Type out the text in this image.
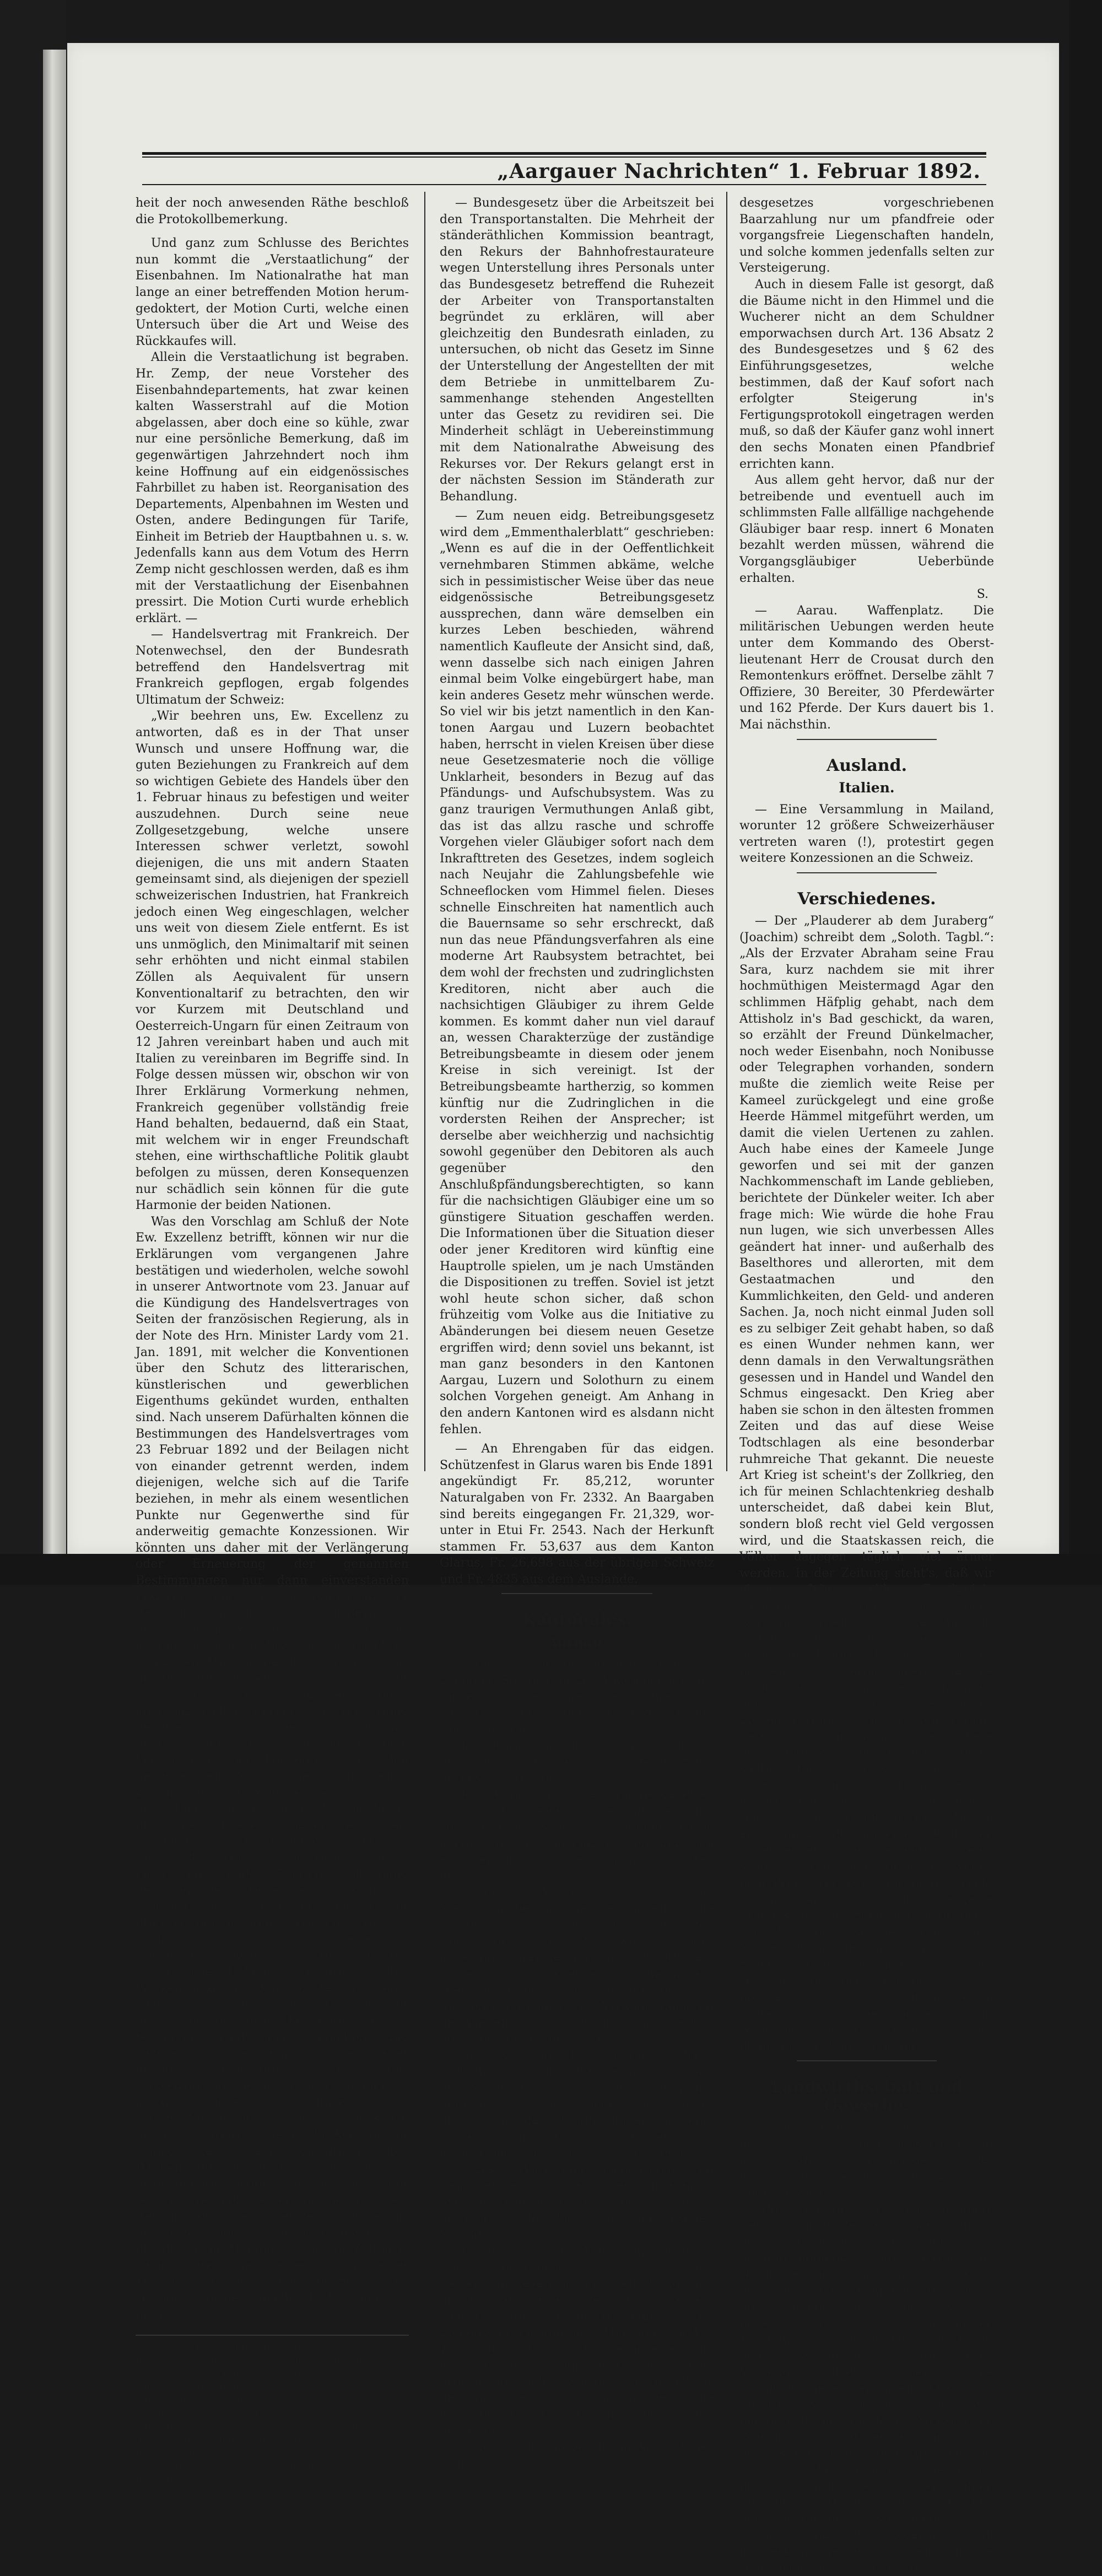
„Aargauer Nachrichten“ 1. Februar 1892.

heit der noch anwesenden Räthe beschloß die Protokollbemerkung.

Und ganz zum Schlusse des Berichtes nun kommt die „Verstaatlichung“ der Eisenbahnen. Im Nationalrathe hat man lange an einer betreffenden Motion herumgedoktert, der Motion Curti, welche einen Untersuch über die Art und Weise des Rückkaufes will.

Allein die Verstaatlichung ist begraben. Hr. Zemp, der neue Vorsteher des Eisenbahndepartements, hat zwar keinen kalten Wasserstrahl auf die Motion abgelassen, aber doch eine so kühle, zwar nur eine persönliche Bemerkung, daß im gegenwärtigen Jahrzehndert noch ihm keine Hoffnung auf ein eidgenössisches Fahrbillet zu haben ist. Reorganisation des Departements, Alpenbahnen im Westen und Osten, andere Bedingungen für Tarife, Einheit im Betrieb der Hauptbahnen u. s. w. Jedenfalls kann aus dem Votum des Herrn Zemp nicht geschlossen werden, daß es ihm mit der Verstaatlichung der Eisenbahnen pressirt. Die Motion Curti wurde erheblich erklärt. —

— Handelsvertrag mit Frankreich. Der Notenwechsel, den der Bundesrath betreffend den Handelsvertrag mit Frankreich gepflogen, ergab folgendes Ultimatum der Schweiz:

„Wir beehren uns, Ew. Excellenz zu antworten, daß es in der That unser Wunsch und unsere Hoffnung war, die guten Beziehungen zu Frankreich auf dem so wichtigen Gebiete des Handels über den 1. Februar hinaus zu befestigen und weiter auszudehnen. Durch seine neue Zollgesetzgebung, welche unsere Interessen schwer verletzt, sowohl diejenigen, die uns mit andern Staaten gemeinsamt sind, als diejenigen der speziell schweizerischen Industrien, hat Frankreich jedoch einen Weg eingeschlagen, welcher uns weit von diesem Ziele entfernt. Es ist uns unmöglich, den Minimaltarif mit seinen sehr erhöhten und nicht einmal stabilen Zöllen als Aequivalent für unsern Konventionaltarif zu betrachten, den wir vor Kurzem mit Deutschland und Oesterreich-Ungarn für einen Zeitraum von 12 Jahren vereinbart haben und auch mit Italien zu vereinbaren im Begriffe sind. In Folge dessen müssen wir, obschon wir von Ihrer Erklärung Vormerkung nehmen, Frankreich gegenüber vollständig freie Hand behalten, bedauernd, daß ein Staat, mit welchem wir in enger Freundschaft stehen, eine wirthschaftliche Politik glaubt befolgen zu müssen, deren Konsequenzen nur schädlich sein können für die gute Harmonie der beiden Nationen.

Was den Vorschlag am Schluß der Note Ew. Exzellenz betrifft, können wir nur die Erklärungen vom vergangenen Jahre bestätigen und wiederholen, welche sowohl in unserer Antwortnote vom 23. Januar auf die Kündigung des Handelsvertrages von Seiten der französischen Regierung, als in der Note des Hrn. Minister Lardy vom 21. Jan. 1891, mit welcher die Konventionen über den Schutz des litterarischen, künstlerischen und gewerblichen Eigenthums gekündet wurden, enthalten sind. Nach unserem Dafürhalten können die Bestimmungen des Handelsvertrages vom 23 Februar 1892 und der Beilagen nicht von einander getrennt werden, indem diejenigen, welche sich auf die Tarife beziehen, in mehr als einem wesentlichen Punkte nur Gegenwerthe sind für anderweitig gemachte Konzessionen. Wir könnten uns daher mit der Verlängerung oder Erneuerung der genannten Bestimmungen nur dann einverstanden erklären, wenn uns die Regierung der Republik dafür billigen Ersatz in Bezug auf den Zolltarif zusichert. Es wäre uns angenehm, ihre diesbezüglichen Absichten zu kennen. Was uns betrifft, so wird sie uns immer bereit finden, mit ihr auf dieser Grundlage in Unterhandlungen einzutreten, aber inzwischen werden wir freie Hand behalten, um auch in dieser Hinsicht nach unserem Gutdünken zu handeln. Was eine Verlängerung der Konvention über den gegenseitigen Schutz der industriellen Zeichnungen und Modelle und der Fabrik- und Handelsmarken anbetrifft, so bietet diese kein Interesse neben der internationalen Pariser Konvention vom 20. März 1883, welche diese Verhältnisse in einer für beide Staaten vollständig befriedigenden Weise regelt. Nicht so verhält es sich in Betreff des Schutzes der litterarischen und künstlerischen Werke.

Die französisch schweizerische Konvention gewährt in Art. 20 den französischen Urhebern von dramatischen Werken und den Komponisten Vortheile, welche sich nach dem Wortlaut der internationalen Berner Konvention vom 9. September 1886 nicht genießen, und welche viel weiter gehen, als die unserer eigenen Urhebern durch das schweizerische Gesetz, welches jünger ist als diese Konvention, garantirten Rechte. Dieses Privilegium an und für sich, sowie die Art und Weise, in denen die Agenten der französischen Urheber von dramatischen Werken und Komponisten es zur Wahrung ihrer Rechte ausgeübt haben, hat in der Schweiz die lebhaftesten und gerechtesten Reklamationen hervorgerufen. Es wäre uns daher nicht möglich, abgesehen davon, daß die öffentliche Meinung des neuen Zolltarifs wegen bereits sehr erregt ist, zu einer Verlängerung der betreffenden Spezialkonvention unter den gleichen Bedingungen zu bieten.“

soll ich auch Niemanden finden, der mir glaubt, und wenn ich meine Mutter, die Ihr mir durch Eure raffinirte Grausamkeit ermordet habt, mit einem solchen lügenhaften Geständniß in's Leben zurückzurufen vermöchte — mein Rechtsgefühl bäumt sich auf gegen Eure despotische Willkür, ich kann nicht anders, ich schreie es bis zum letzten Athemzuge hinaus, mein böser Leumund ist ungerechtfertigt, alle Eure herrlich aufgeschichteten Beweise sind falsch — und ich bin unschuldig!“

— Bundesgesetz über die Arbeitszeit bei den Transportanstalten. Die Mehrheit der ständeräthlichen Kommission beantragt, den Rekurs der Bahnhofrestaurateure wegen Unterstellung ihres Personals unter das Bundesgesetz betreffend die Ruhezeit der Arbeiter von Transportanstalten begründet zu erklären, will aber gleichzeitig den Bundesrath einladen, zu untersuchen, ob nicht das Gesetz im Sinne der Unterstellung der Angestellten der mit dem Betriebe in unmittelbarem Zusammenhange stehenden Angestellten unter das Gesetz zu revidiren sei. Die Minderheit schlägt in Uebereinstimmung mit dem Nationalrathe Abweisung des Rekurses vor. Der Rekurs gelangt erst in der nächsten Session im Ständerath zur Behandlung.

— Zum neuen eidg. Betreibungsgesetz wird dem „Emmenthalerblatt“ geschrieben: „Wenn es auf die in der Oeffentlichkeit vernehmbaren Stimmen abkäme, welche sich in pessimistischer Weise über das neue eidgenössische Betreibungsgesetz aussprechen, dann wäre demselben ein kurzes Leben beschieden, während namentlich Kaufleute der Ansicht sind, daß, wenn dasselbe sich nach einigen Jahren einmal beim Volke eingebürgert habe, man kein anderes Gesetz mehr wünschen werde. So viel wir bis jetzt namentlich in den Kantonen Aargau und Luzern beobachtet haben, herrscht in vielen Kreisen über diese neue Gesetzesmaterie noch die völlige Unklarheit, besonders in Bezug auf das Pfändungs- und Aufschubsystem. Was zu ganz traurigen Vermuthungen Anlaß gibt, das ist das allzu rasche und schroffe Vorgehen vieler Gläubiger sofort nach dem Inkrafttreten des Gesetzes, indem sogleich nach Neujahr die Zahlungsbefehle wie Schneeflocken vom Himmel fielen. Dieses schnelle Einschreiten hat namentlich auch die Bauernsame so sehr erschreckt, daß nun das neue Pfändungsverfahren als eine moderne Art Raubsystem betrachtet, bei dem wohl der frechsten und zudringlichsten Kreditoren, nicht aber auch die nachsichtigen Gläubiger zu ihrem Gelde kommen. Es kommt daher nun viel darauf an, wessen Charakterzüge der zuständige Betreibungsbeamte in diesem oder jenem Kreise in sich vereinigt. Ist der Betreibungsbeamte hartherzig, so kommen künftig nur die Zudringlichen in die vordersten Reihen der Ansprecher; ist derselbe aber weichherzig und nachsichtig sowohl gegenüber den Debitoren als auch gegenüber den Anschlußpfändungsberechtigten, so kann für die nachsichtigen Gläubiger eine um so günstigere Situation geschaffen werden. Die Informationen über die Situation dieser oder jener Kreditoren wird künftig eine Hauptrolle spielen, um je nach Umständen die Dispositionen zu treffen. Soviel ist jetzt wohl heute schon sicher, daß schon frühzeitig vom Volke aus die Initiative zu Abänderungen bei diesem neuen Gesetze ergriffen wird; denn soviel uns bekannt, ist man ganz besonders in den Kantonen Aargau, Luzern und Solothurn zu einem solchen Vorgehen geneigt. Am Anhang in den andern Kantonen wird es alsdann nicht fehlen.

— An Ehrengaben für das eidgen. Schützenfest in Glarus waren bis Ende 1891 angekündigt Fr. 85,212, worunter Naturalgaben von Fr. 2332. An Baargaben sind bereits eingegangen Fr. 21,329, worunter in Etui Fr. 2543. Nach der Herkunft stammen Fr. 53,637 aus dem Kanton Glarus, Fr. 26,698 aus der übrigen Schweiz und Fr. 4835 aus dem Auslande.

Kantonales.
Aargau.

— Auch zum Betreibungsgesetz. (Einges.) Erlauben Sie auch in der Angelegenheit der Liegenschaftsversteigerungen unter der Herrschaft des neuen Gesetzes einige Bemerkungen.

Die Bestimmungen sind gar nicht so gefährlich, wie sie von anderer Seite dargestellt werden.

Der Artikel 134 des Bundesgesetzes lautet: „Die Steigerungsbedingungen sind vom Betreibungsamt in ortsüblicher Weise aufzustellen und so einzurichten, daß sich ein möglichst günstiges Ergebniß erwarten läßt.“

Ferner Artikel 35: „Die Steigerungsbedingungen bestimmen, ob die Liegenschaft frei und ledig von allen Belastungen verkauft werde, oder anderfalls, welche Lasten, (Hypotheken, Gülten, Grundrenten, Reallasten, Dienstbarkeiten u. dgl.) gemäß dem kantonalen Rechte nach dem Verkaufe noch auf der Liegenschaft ruhen und vom Erwerber übernommen werden sollen.“

Hier ist also das kantonale Recht vorbehalten und dasselbe bestimmt in § 582 des Sachenrechts: „Geht ein Grundpfand ungetheilt auf einen neuen Eigenthümer über, so ist der Pfandgläubiger für seine Forderung mit Zins und Kosten ganz anzuweisen“ 2c., und in § 593 desselben Gesetzes: „Wird eine Liegenschaft auf Begehren des Gläubigers öffentlich verkauft oder im Geldstage veräußert, so haftet dieselbe nur für die darauf angewiesenen Schulden.“

Daß auch bei der Abfassung des aarg. Einführungsgesetzes zum Betreibungsgesetz an die Ueberbunde gedacht wurde, beweist der § 61 desselben, welcher lautet: „Bei der Versteigerung von Liegenschaften sind nach Maßgabe von Art. 135 und 156 des Bundesgesetzes die aufhaftenden Grundpfandschulden nebst drei aufstehenden Zinsen und Bruchzins dem Erwerber zu überbinden, ebenso die auf dem Grundstück haftenden Dienstbarkeiten.“

Es kann sich also bei der in Art. 136 des Bun-

desgesetzes vorgeschriebenen Baarzahlung nur um pfandfreie oder vorgangsfreie Liegenschaften handeln, und solche kommen jedenfalls selten zur Versteigerung.

Auch in diesem Falle ist gesorgt, daß die Bäume nicht in den Himmel und die Wucherer nicht an dem Schuldner emporwachsen durch Art. 136 Absatz 2 des Bundesgesetzes und § 62 des Einführungsgesetzes, welche bestimmen, daß der Kauf sofort nach erfolgter Steigerung in's Fertigungsprotokoll eingetragen werden muß, so daß der Käufer ganz wohl innert den sechs Monaten einen Pfandbrief errichten kann.

Aus allem geht hervor, daß nur der betreibende und eventuell auch im schlimmsten Falle allfällige nachgehende Gläubiger baar resp. innert 6 Monaten bezahlt werden müssen, während die Vorgangsgläubiger Ueberbünde erhalten.

S.

— Aarau. Waffenplatz. Die militärischen Uebungen werden heute unter dem Kommando des Oberstlieutenant Herr de Crousat durch den Remontenkurs eröffnet. Derselbe zählt 7 Offiziere, 30 Bereiter, 30 Pferdewärter und 162 Pferde. Der Kurs dauert bis 1. Mai nächsthin.

Ausland.
Italien.

— Eine Versammlung in Mailand, worunter 12 größere Schweizerhäuser vertreten waren (!), protestirt gegen weitere Konzessionen an die Schweiz.

Verschiedenes.

— Der „Plauderer ab dem Juraberg“ (Joachim) schreibt dem „Soloth. Tagbl.“: „Als der Erzvater Abraham seine Frau Sara, kurz nachdem sie mit ihrer hochmüthigen Meistermagd Agar den schlimmen Häfplig gehabt, nach dem Attisholz in's Bad geschickt, da waren, so erzählt der Freund Dünkelmacher, noch weder Eisenbahn, noch Nonibusse oder Telegraphen vorhanden, sondern mußte die ziemlich weite Reise per Kameel zurückgelegt und eine große Heerde Hämmel mitgeführt werden, um damit die vielen Uertenen zu zahlen. Auch habe eines der Kameele Junge geworfen und sei mit der ganzen Nachkommenschaft im Lande geblieben, berichtete der Dünkeler weiter. Ich aber frage mich: Wie würde die hohe Frau nun lugen, wie sich unverbessen Alles geändert hat inner- und außerhalb des Baselthores und allerorten, mit dem Gestaatmachen und den Kummlichkeiten, den Geld- und anderen Sachen. Ja, noch nicht einmal Juden soll es zu selbiger Zeit gehabt haben, so daß es einen Wunder nehmen kann, wer denn damals in den Verwaltungsräthen gesessen und in Handel und Wandel den Schmus eingesackt. Den Krieg aber haben sie schon in den ältesten frommen Zeiten und das auf diese Weise Todtschlagen als eine besonderbar ruhmreiche That gekannt. Die neueste Art Krieg ist scheint's der Zollkrieg, den ich für meinen Schlachtenkrieg deshalb unterscheidet, daß dabei kein Blut, sondern bloß recht viel Geld vergossen wird, und die Staatskassen reich, die Völker dagegen täglich viel ärmer werden. In der Zeitung steht's, daß wir einen solchen wider Frankreich, vielleicht auch gegen unsern lieben Nachbar jonseits in nahe Aussicht haben. So daß wir am End' noch auf die unzähligen Truppen Talianer verzichten müssen, wo allerhaustagen wie die Heugumper in's Land gereist kommen und mit ihrer gestüpfigen Liebenswürdigkeit uns so viele Freude bereiten — wie Schade, wenn diese durch den Zollkrieg dahinten bleiben sollten. Auch meine Käthri hat letzter Tage einen Handelsvertrag abgeschlossen und zwar mit Oesterreich-Ungarn, betreffend den Ankauf einer Rattenfalle und eines blechernen Hafendeckels; wobei die beiden Parteien schier hintereinander geriethen wegen dem Preis, weil keine die andere recht verstand. Aber warum haben sie keine Dolmetscher und Sekretäre beigezogen, wie das sonst so der Brauch ist? Schließlich hat der NatziFatzi noch ein Stück Käswähen bekommen und ist sehr vergnügt von dannen gezogen. Gut Frau, meinte er, als er mir vor dem Haus Adieß sagte. Was ich dabei dachte, braucht Niemand zu wissen, weßhalb ich verbleibe mit Gruß und Achtung.

Landwirthschaft und Gewerbe.

— Der weitere Vorstand der aarg. landwirthschaftlichen Gesellschaft erläßt an die Vorstände der landwirthschaftlichen Bezirksvereine folgende Zuschrift:

„Die Berichte ab den Nonnen-Devastationsplätzen von Süddeutschland und Oesterreich bestätigen alle übereinstimmend, daß, wenn die Nonnenfeuche einmal sich festgesetzt hat, mit Erfolg wenig oder gar nichts mehr dagegen auszurichten ist und daher vorab auf die sogenannten Vorbeugungsmittel vorsichtig das Hauptgewicht zu legen ist. Unter diesen Vorbeugungsmitteln spielen die Hauptrolle jene Vögelarten, welche als Insektenfresser bekannt sind, wie namentlich die Spechten, Meisenarten (Spechtmeise) und der gefräßige Staar, der als großer Raupenwürger bekannt ist. Es sind dies die guten Höhlenbrüter, die ihre Brutstätte in alten hohlen Bäumen des Waldes oder der Anlagen und Baumgärten zu nisten pflegen.

Nun ist aber schon wiederholt darauf aufmerksam gemacht worden, daß die rebuzirten Umtriebszeiten der
